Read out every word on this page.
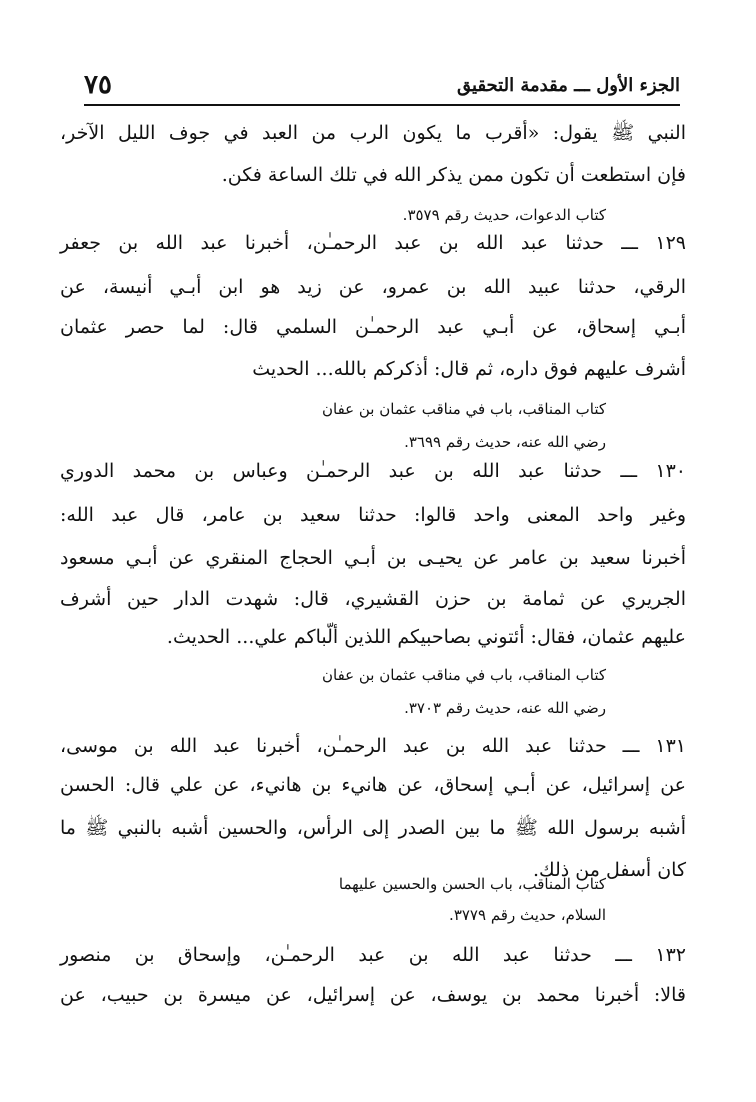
٧٥	الجزء الأول ـــ مقدمة التحقيق
النبي ﷺ يقول: «أقرب ما يكون الرب من العبد في جوف الليل الآخر،
فإن استطعت أن تكون ممن يذكر الله في تلك الساعة فكن.
كتاب الدعوات، حديث رقم ٣٥٧٩.
١٢٩ ـــ حدثنا عبد الله بن عبد الرحمـٰن، أخبرنا عبد الله بن جعفر
الرقي، حدثنا عبيد الله بن عمرو، عن زيد هو ابن أبـي أنيسة، عن
أبـي إسحاق، عن أبـي عبد الرحمـٰن السلمي قال: لما حصر عثمان
أشرف عليهم فوق داره، ثم قال: أذكركم بالله... الحديث
كتاب المناقب، باب في مناقب عثمان بن عفان
رضي الله عنه، حديث رقم ٣٦٩٩.
١٣٠ ـــ حدثنا عبد الله بن عبد الرحمـٰن وعباس بن محمد الدوري
وغير واحد المعنى واحد قالوا: حدثنا سعيد بن عامر، قال عبد الله:
أخبرنا سعيد بن عامر عن يحيـى بن أبـي الحجاج المنقري عن أبـي مسعود
الجريري عن ثمامة بن حزن القشيري، قال: شهدت الدار حين أشرف
عليهم عثمان، فقال: أئتوني بصاحبيكم اللذين ألّباكم علي... الحديث.
كتاب المناقب، باب في مناقب عثمان بن عفان
رضي الله عنه، حديث رقم ٣٧٠٣.
١٣١ ـــ حدثنا عبد الله بن عبد الرحمـٰن، أخبرنا عبد الله بن موسى،
عن إسرائيل، عن أبـي إسحاق، عن هانيء بن هانيء، عن علي قال: الحسن
أشبه برسول الله ﷺ ما بين الصدر إلى الرأس، والحسين أشبه بالنبي ﷺ ما
كان أسفل من ذلك.
كتاب المناقب، باب الحسن والحسين عليهما
السلام، حديث رقم ٣٧٧٩.
١٣٢ ـــ حدثنا عبد الله بن عبد الرحمـٰن، وإسحاق بن منصور
قالا: أخبرنا محمد بن يوسف، عن إسرائيل، عن ميسرة بن حبيب، عن
